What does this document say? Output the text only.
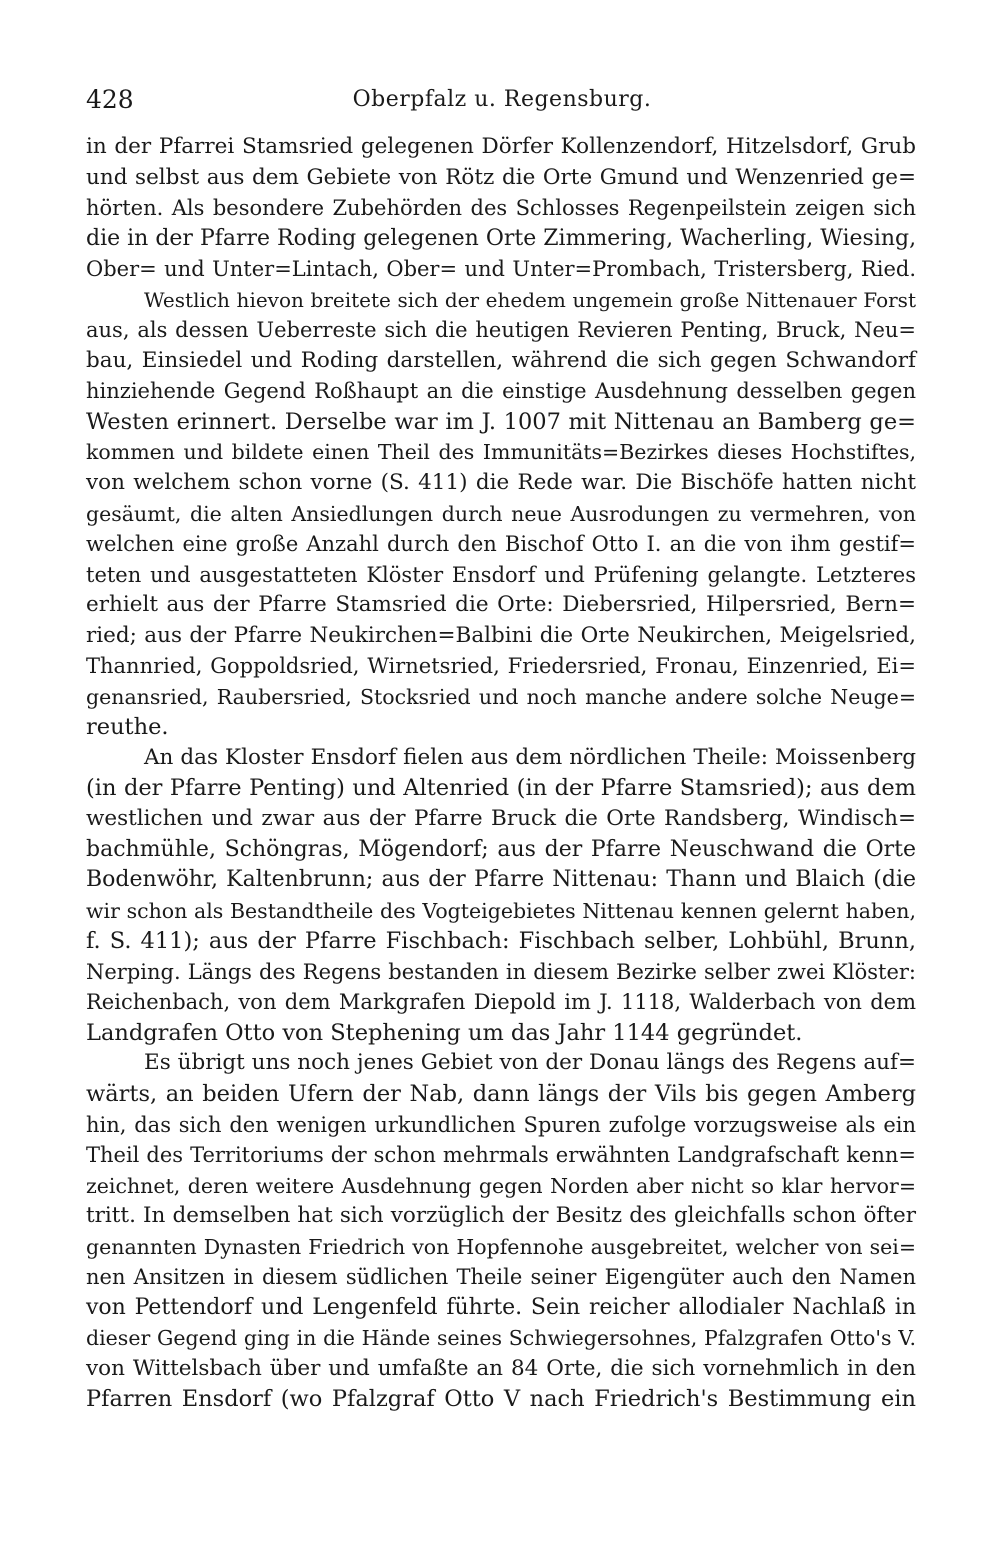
428	Oberpfalz u. Regensburg.
in der Pfarrei Stamsried gelegenen Dörfer Kollenzendorf, Hitzelsdorf, Grub
und selbst aus dem Gebiete von Rötz die Orte Gmund und Wenzenried ge=
hörten. Als besondere Zubehörden des Schlosses Regenpeilstein zeigen sich
die in der Pfarre Roding gelegenen Orte Zimmering, Wacherling, Wiesing,
Ober= und Unter=Lintach, Ober= und Unter=Prombach, Tristersberg, Ried.
Westlich hievon breitete sich der ehedem ungemein große Nittenauer Forst
aus, als dessen Ueberreste sich die heutigen Revieren Penting, Bruck, Neu=
bau, Einsiedel und Roding darstellen, während die sich gegen Schwandorf
hinziehende Gegend Roßhaupt an die einstige Ausdehnung desselben gegen
Westen erinnert. Derselbe war im J. 1007 mit Nittenau an Bamberg ge=
kommen und bildete einen Theil des Immunitäts=Bezirkes dieses Hochstiftes,
von welchem schon vorne (S. 411) die Rede war. Die Bischöfe hatten nicht
gesäumt, die alten Ansiedlungen durch neue Ausrodungen zu vermehren, von
welchen eine große Anzahl durch den Bischof Otto I. an die von ihm gestif=
teten und ausgestatteten Klöster Ensdorf und Prüfening gelangte. Letzteres
erhielt aus der Pfarre Stamsried die Orte: Diebersried, Hilpersried, Bern=
ried; aus der Pfarre Neukirchen=Balbini die Orte Neukirchen, Meigelsried,
Thannried, Goppoldsried, Wirnetsried, Friedersried, Fronau, Einzenried, Ei=
genansried, Raubersried, Stocksried und noch manche andere solche Neuge=
reuthe.
An das Kloster Ensdorf fielen aus dem nördlichen Theile: Moissenberg
(in der Pfarre Penting) und Altenried (in der Pfarre Stamsried); aus dem
westlichen und zwar aus der Pfarre Bruck die Orte Randsberg, Windisch=
bachmühle, Schöngras, Mögendorf; aus der Pfarre Neuschwand die Orte
Bodenwöhr, Kaltenbrunn; aus der Pfarre Nittenau: Thann und Blaich (die
wir schon als Bestandtheile des Vogteigebietes Nittenau kennen gelernt haben,
f. S. 411); aus der Pfarre Fischbach: Fischbach selber, Lohbühl, Brunn,
Nerping. Längs des Regens bestanden in diesem Bezirke selber zwei Klöster:
Reichenbach, von dem Markgrafen Diepold im J. 1118, Walderbach von dem
Landgrafen Otto von Stephening um das Jahr 1144 gegründet.
Es übrigt uns noch jenes Gebiet von der Donau längs des Regens auf=
wärts, an beiden Ufern der Nab, dann längs der Vils bis gegen Amberg
hin, das sich den wenigen urkundlichen Spuren zufolge vorzugsweise als ein
Theil des Territoriums der schon mehrmals erwähnten Landgrafschaft kenn=
zeichnet, deren weitere Ausdehnung gegen Norden aber nicht so klar hervor=
tritt. In demselben hat sich vorzüglich der Besitz des gleichfalls schon öfter
genannten Dynasten Friedrich von Hopfennohe ausgebreitet, welcher von sei=
nen Ansitzen in diesem südlichen Theile seiner Eigengüter auch den Namen
von Pettendorf und Lengenfeld führte. Sein reicher allodialer Nachlaß in
dieser Gegend ging in die Hände seines Schwiegersohnes, Pfalzgrafen Otto's V.
von Wittelsbach über und umfaßte an 84 Orte, die sich vornehmlich in den
Pfarren Ensdorf (wo Pfalzgraf Otto V nach Friedrich's Bestimmung ein
